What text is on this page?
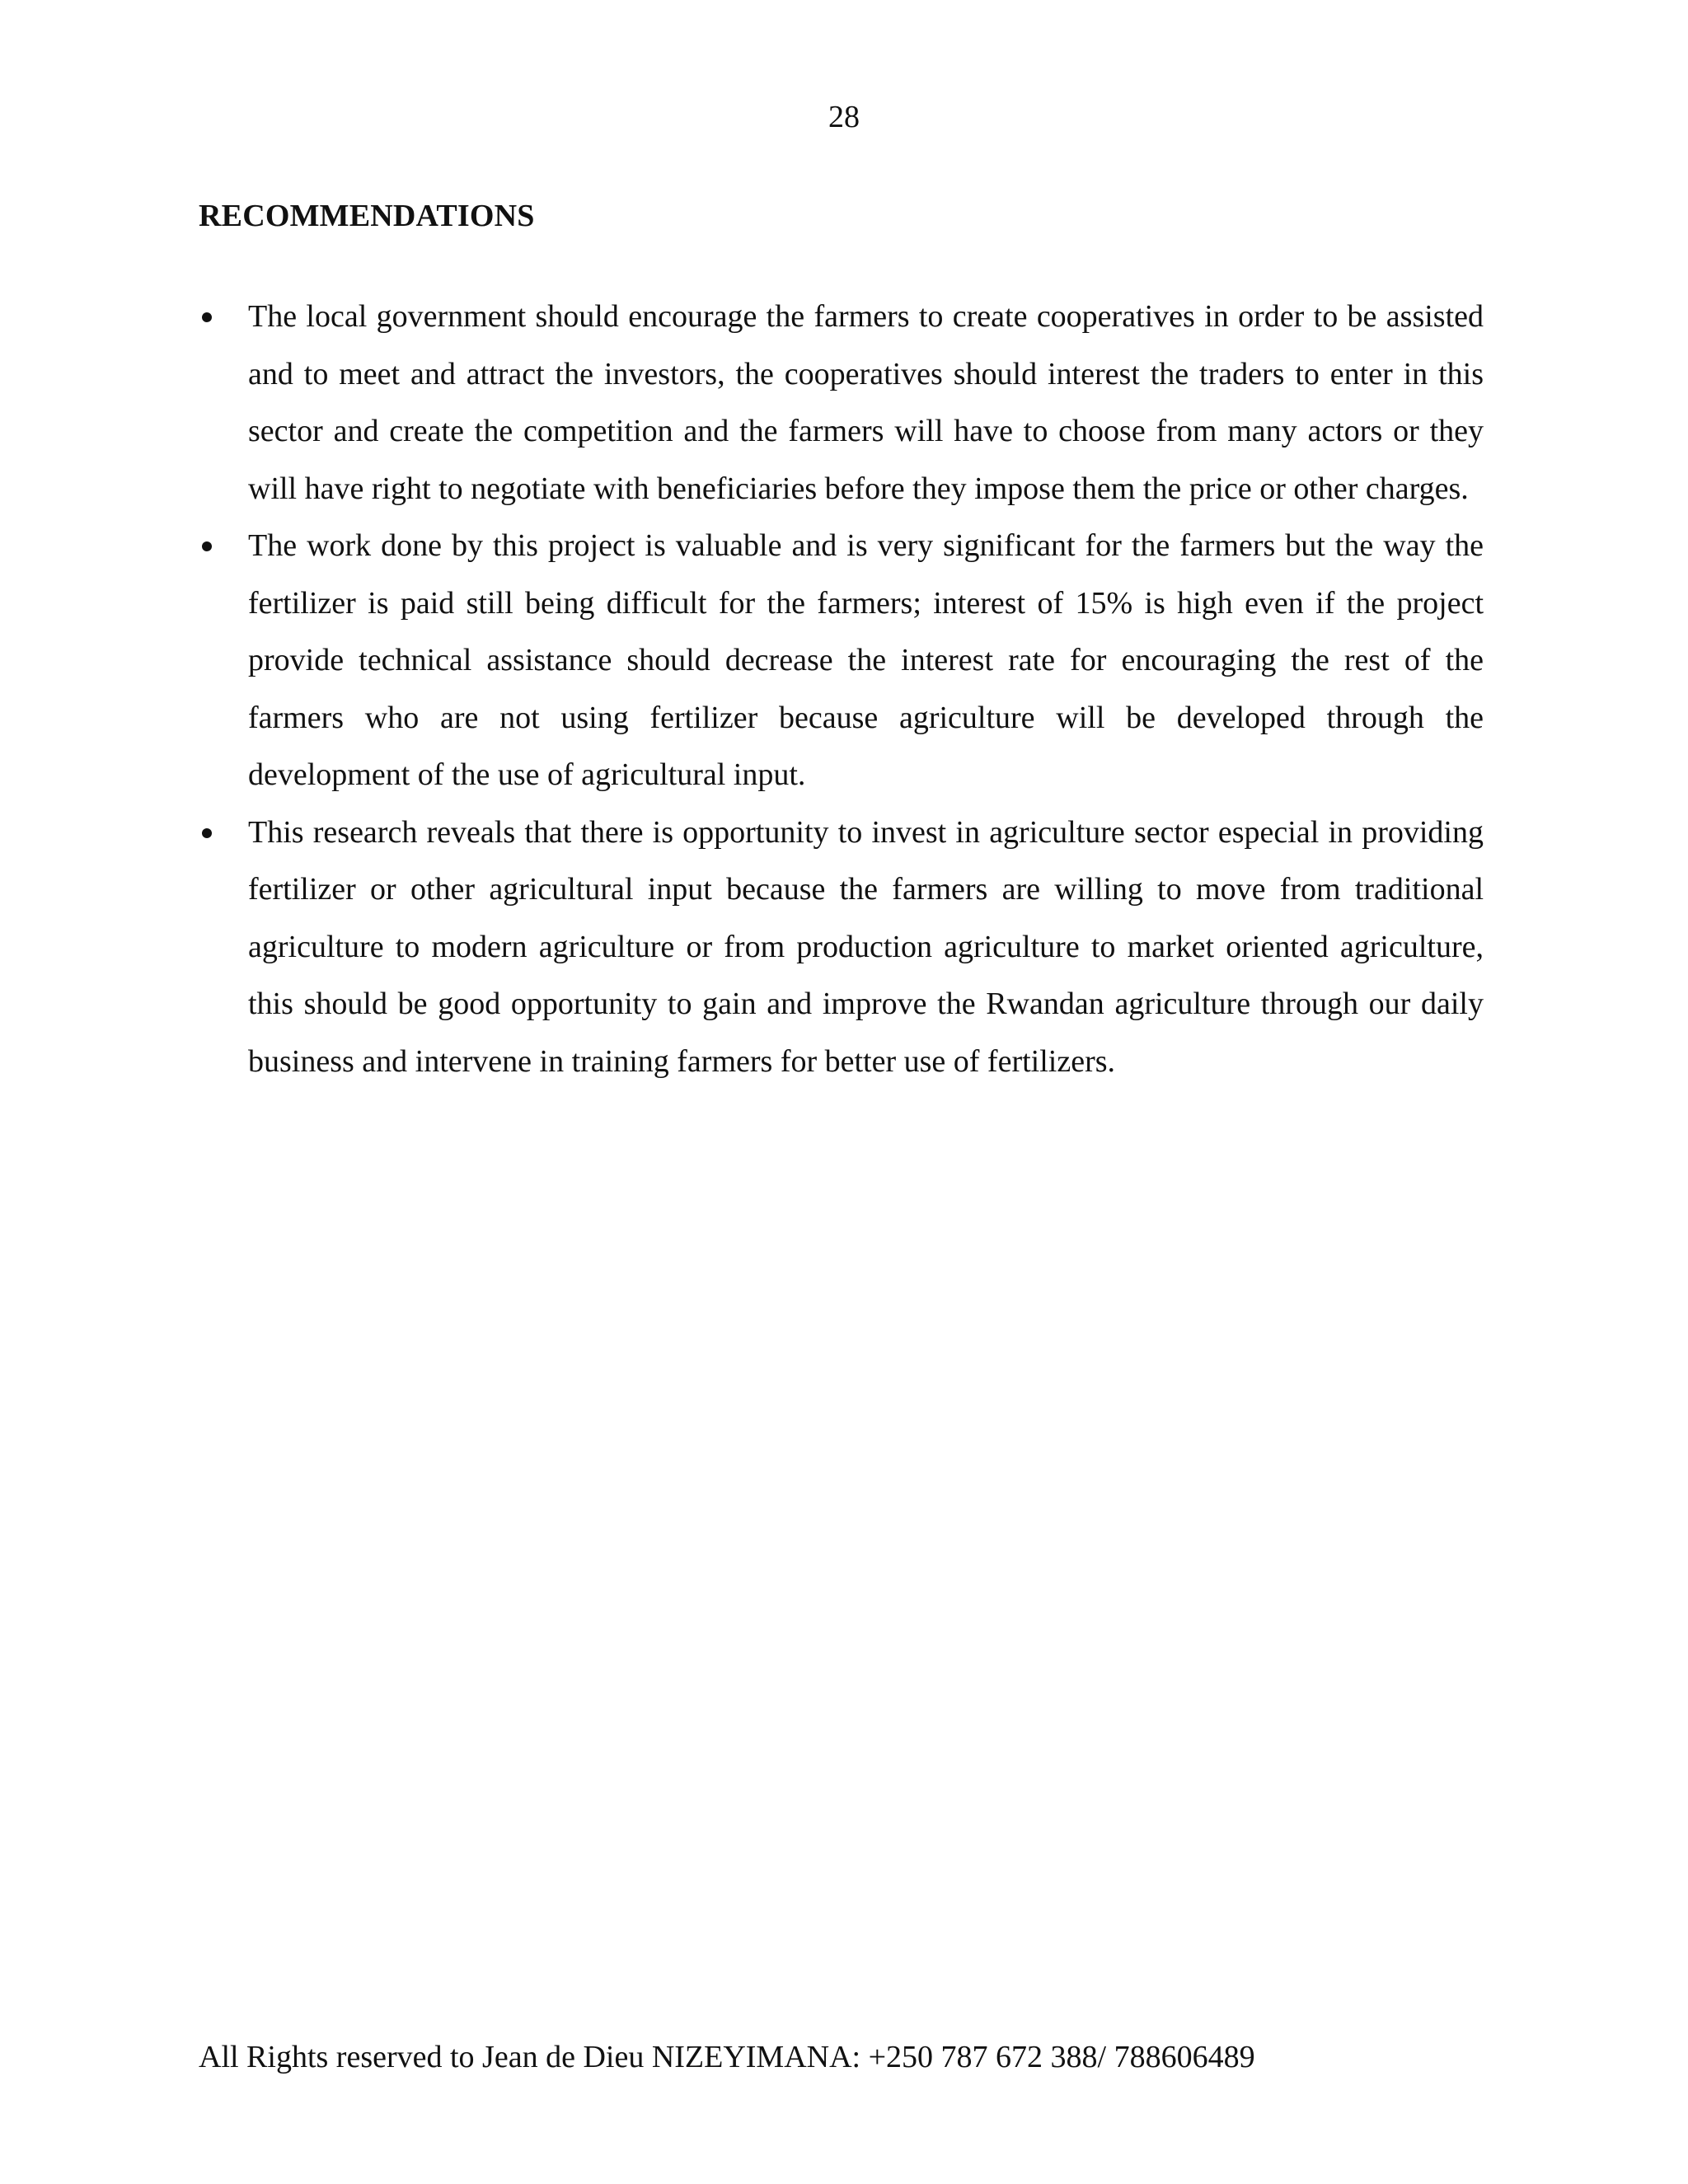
28
RECOMMENDATIONS
The local government should encourage the farmers to create cooperatives in order to be assisted and to meet and attract the investors, the cooperatives should interest the traders to enter in this sector and create the competition and the farmers will have to choose from many actors or they will have right to negotiate with beneficiaries before they impose them the price or other charges.
The work done by this project is valuable and is very significant for the farmers but the way the fertilizer is paid still being difficult for the farmers; interest of 15% is high even if the project provide technical assistance should decrease the interest rate for encouraging the rest of the farmers who are not using fertilizer because agriculture will be developed through the development of the use of agricultural input.
This research reveals that there is opportunity to invest in agriculture sector especial in providing fertilizer or other agricultural input because the farmers are willing to move from traditional agriculture to modern agriculture or from production agriculture to market oriented agriculture, this should be good opportunity to gain and improve the Rwandan agriculture through our daily business and intervene in training farmers for better use of fertilizers.
All Rights reserved to Jean de Dieu NIZEYIMANA: +250 787 672 388/ 788606489
